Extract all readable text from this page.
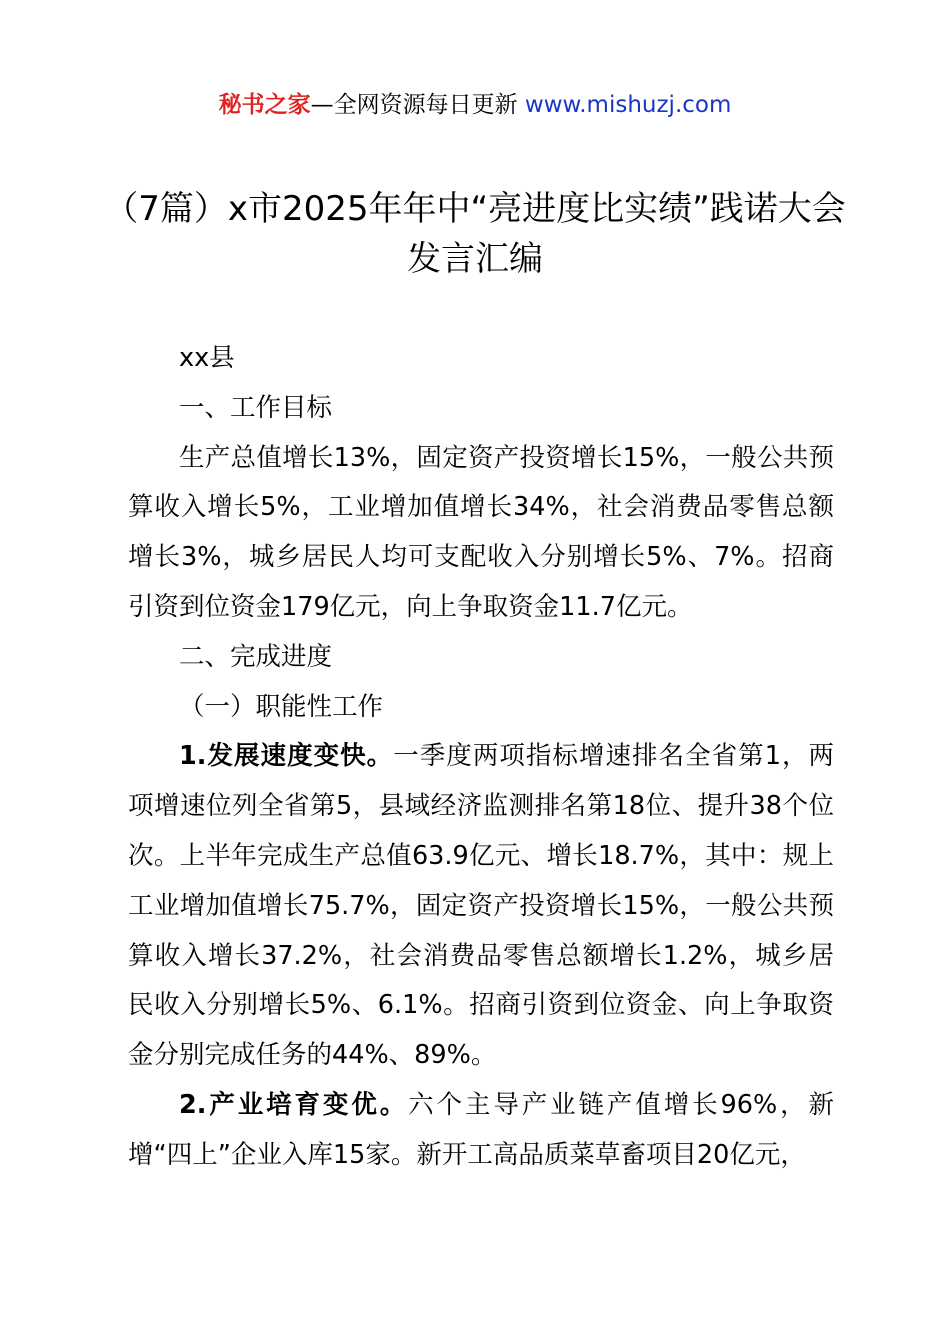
秘书之家—全网资源每日更新 www.mishuzj.com
（7篇）x市2025年年中“亮进度比实绩”践诺大会发言汇编

xx县

一、工作目标

生产总值增长13%，固定资产投资增长15%，一般公共预算收入增长5%，工业增加值增长34%，社会消费品零售总额增长3%，城乡居民人均可支配收入分别增长5%、7%。招商引资到位资金179亿元，向上争取资金11.7亿元。

二、完成进度

（一）职能性工作

1.发展速度变快。一季度两项指标增速排名全省第1，两项增速位列全省第5，县域经济监测排名第18位、提升38个位次。上半年完成生产总值63.9亿元、增长18.7%，其中：规上工业增加值增长75.7%，固定资产投资增长15%，一般公共预算收入增长37.2%，社会消费品零售总额增长1.2%，城乡居民收入分别增长5%、6.1%。招商引资到位资金、向上争取资金分别完成任务的44%、89%。

2.产业培育变优。六个主导产业链产值增长96%，新增“四上”企业入库15家。新开工高品质菜草畜项目20亿元，
